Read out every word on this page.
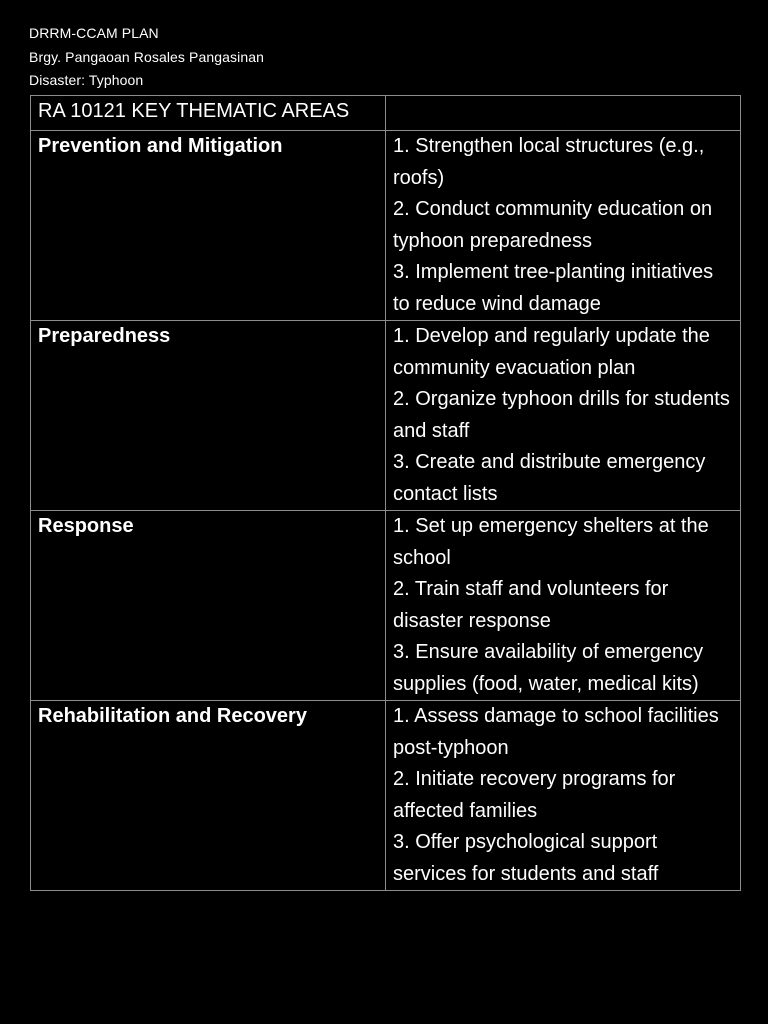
DRRM-CCAM PLAN
Brgy. Pangaoan Rosales Pangasinan
Disaster: Typhoon
RA 10121 KEY THEMATIC AREAS	
Prevention and Mitigation	1. Strengthen local structures (e.g., roofs)
2. Conduct community education on typhoon preparedness
3. Implement tree-planting initiatives to reduce wind damage

Preparedness	1. Develop and regularly update the community evacuation plan
2. Organize typhoon drills for students and staff
3. Create and distribute emergency contact lists

Response	1. Set up emergency shelters at the school
2. Train staff and volunteers for disaster response
3. Ensure availability of emergency supplies (food, water, medical kits)

Rehabilitation and Recovery	1. Assess damage to school facilities post-typhoon
2. Initiate recovery programs for affected families
3. Offer psychological support services for students and staff
